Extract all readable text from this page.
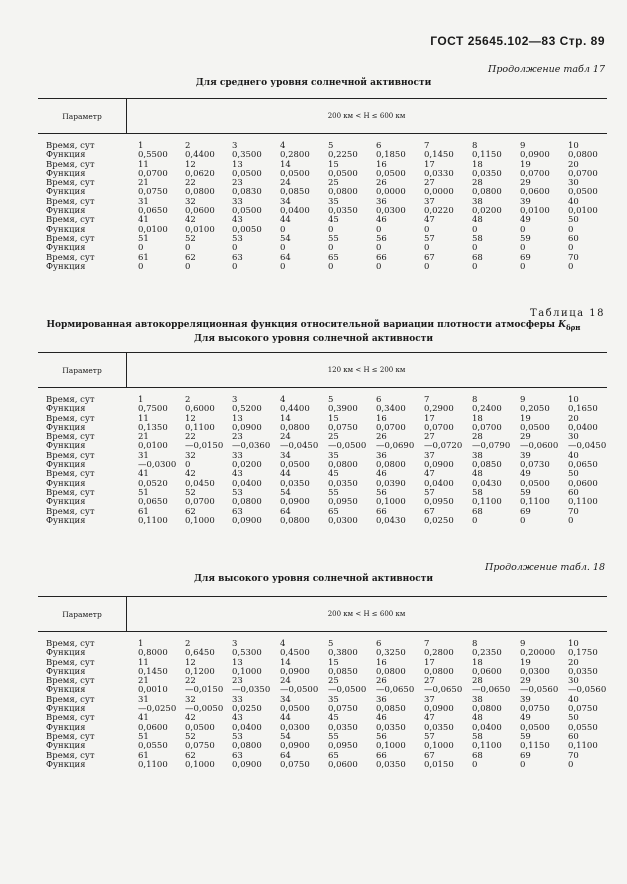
ГОСТ 25645.102—83 Стр. 89
Продолжение табл 17
Для среднего уровня солнечной активности
Параметр	200 км < H ≤ 600 км
Время, сут	1	2	3	4	5	6	7	8	9	10
Функция	0,5500 0,4400 0,3500 0,2800 0,2250 0,1850 0,1450 0,1150 0,0900 0,0800
Время, сут	11	12	13	14	15	16	17	18	19	20
Функция	0,0700 0,0620 0,0500 0,0500 0,0500 0,0500 0,0330 0,0350 0,0700 0,0700
Время, сут	21	22	23	24	25	26	27	28	29	30
Функция	0,0750 0,0800 0,0830 0,0850 0,0800 0,0000 0,0000 0,0800 0,0600 0,0500
Время, сут	31	32	33	34	35	36	37	38	39	40
Функция	0,0650 0,0600 0,0500 0,0400 0,0350 0,0300 0,0220 0,0200 0,0100 0,0100
Время, сут	41	42	43	44	45	46	47	48	49	50
Функция	0,0100 0,0100 0,0050 0	0	0	0	0	0	0
Время, сут	51	52	53	54	55	56	57	58	59	60
Функция	0	0	0	0	0	0	0	0	0	0
Время, сут	61	62	63	64	65	66	67	68	69	70
Функция	0	0	0	0	0	0	0	0	0	0
Таблица 18
Нормированная автокорреляционная функция относительной вариации плотности атмосферы $K_{\delta\rho н}$
Для высокого уровня солнечной активности
Параметр	120 км < H ≤ 200 км
Время, сут	1	2	3	4	5	6	7	8	9	10
Функция	0,7500 0,6000 0,5200 0,4400 0,3900 0,3400 0,2900 0,2400 0,2050 0,1650
Время, сут	11	12	13	14	15	16	17	18	19	20
Функция	0,1350 0,1100 0,0900 0,0800 0,0750 0,0700 0,0700 0,0700 0,0500 0,0400
Время, сут	21	22	23	24	25	26	27	28	29	30
Функция	0,0100 —0,0150 —0,0360 —0,0450 —0,0500 —0,0690 —0,0720 —0,0790 —0,0600 —0,0450
Время, сут	31	32	33	34	35	36	37	38	39	40
Функция	—0,0300 0	0,0200 0,0500 0,0800 0,0800 0,0900 0,0850 0,0730 0,0650
Время, сут	41	42	43	44	45	46	47	48	49	50
Функция	0,0520 0,0450 0,0400 0,0350 0,0350 0,0390 0,0400 0,0430 0,0500 0,0600
Время, сут	51	52	53	54	55	56	57	58	59	60
Функция	0,0650 0,0700 0,0800 0,0900 0,0950 0,1000 0,0950 0,1100 0,1100 0,1100
Время, сут	61	62	63	64	65	66	67	68	69	70
Функция	0,1100 0,1000 0,0900 0,0800 0,0300 0,0430 0,0250 0	0	0
Продолжение табл. 18
Для высокого уровня солнечной активности
Параметр	200 км < H ≤ 600 км
Время, сут	1	2	3	4	5	6	7	8	9	10
Функция	0,8000 0,6450 0,5300 0,4500 0,3800 0,3250 0,2800 0,2350 0,20000 0,1750
Время, сут	11	12	13	14	15	16	17	18	19	20
Функция	0,1450 0,1200 0,1000 0,0900 0,0850 0,0800 0,0800 0,0600 0,0300 0,0350
Время, сут	21	22	23	24	25	26	27	28	29	30
Функция	0,0010 —0,0150 —0,0350 —0,0500 —0,0500 —0,0650 —0,0650 —0,0650 —0,0560 —0,0560
Время, сут	31	32	33	34	35	36	37	38	39	40
Функция	—0,0250 —0,0050 0,0250 0,0500 0,0750 0,0850 0,0900 0,0800 0,0750 0,0750
Время, сут	41	42	43	44	45	46	47	48	49	50
Функция	0,0600 0,0500 0,0400 0,0300 0,0350 0,0350 0,0350 0,0400 0,0500 0,0550
Время, сут	51	52	53	54	55	56	57	58	59	60
Функция	0,0550 0,0750 0,0800 0,0900 0,0950 0,1000 0,1000 0,1100 0,1150 0,1100
Время, сут	61	62	63	64	65	66	67	68	69	70
Функция	0,1100 0,1000 0,0900 0,0750 0,0600 0,0350 0,0150 0	0	0
